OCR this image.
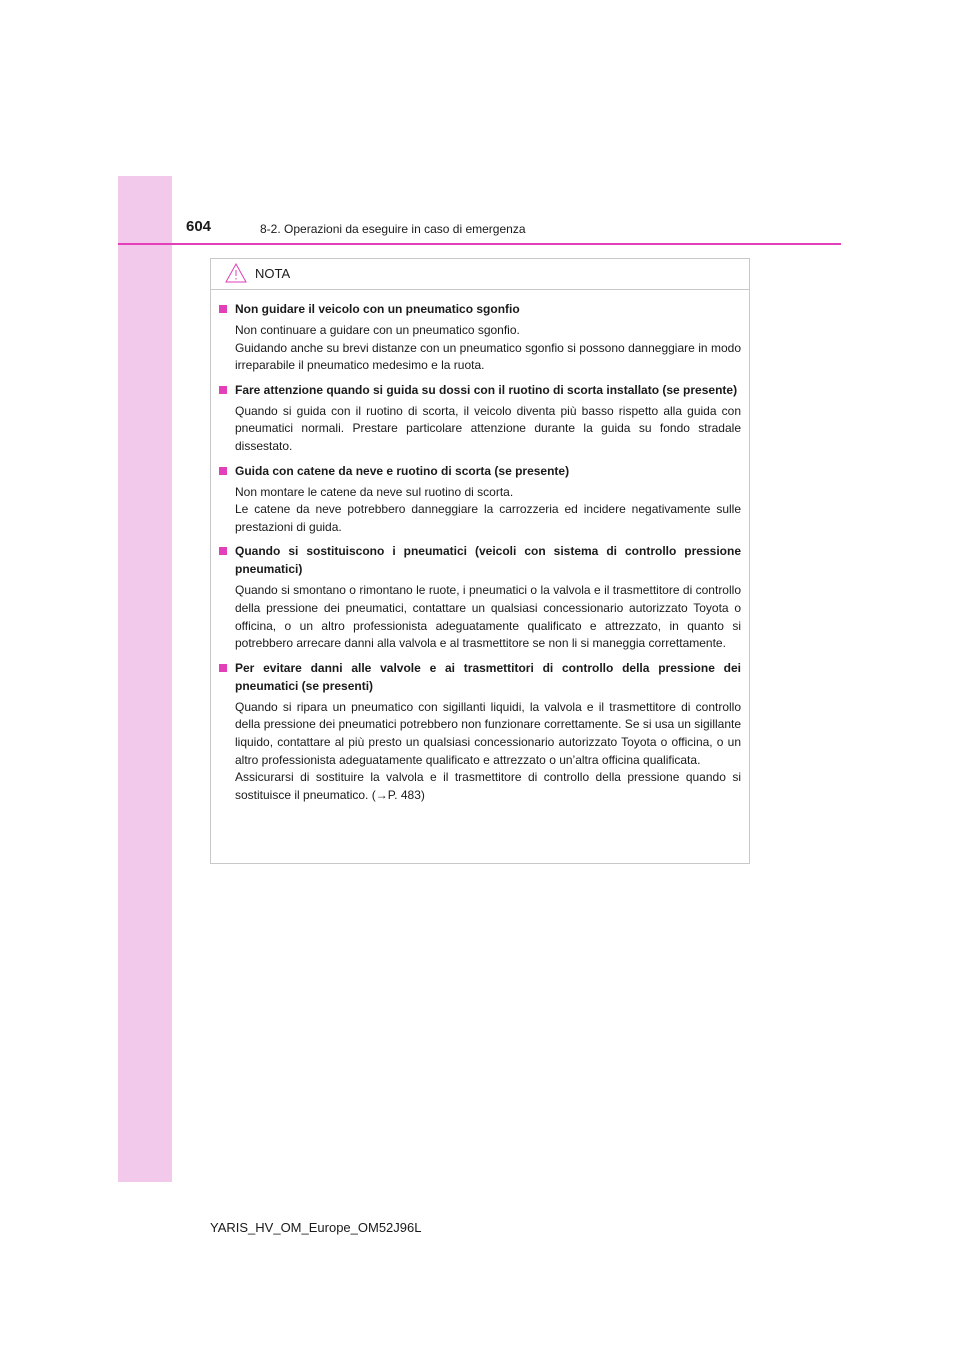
604	8-2. Operazioni da eseguire in caso di emergenza
NOTA
Non guidare il veicolo con un pneumatico sgonfio

Non continuare a guidare con un pneumatico sgonfio.

Guidando anche su brevi distanze con un pneumatico sgonfio si possono danneggiare in modo irreparabile il pneumatico medesimo e la ruota.

Fare attenzione quando si guida su dossi con il ruotino di scorta installato (se presente)

Quando si guida con il ruotino di scorta, il veicolo diventa più basso rispetto alla guida con pneumatici normali. Prestare particolare attenzione durante la guida su fondo stradale dissestato.

Guida con catene da neve e ruotino di scorta (se presente)

Non montare le catene da neve sul ruotino di scorta.

Le catene da neve potrebbero danneggiare la carrozzeria ed incidere negativamente sulle prestazioni di guida.

Quando si sostituiscono i pneumatici (veicoli con sistema di controllo pressione pneumatici)

Quando si smontano o rimontano le ruote, i pneumatici o la valvola e il trasmettitore di controllo della pressione dei pneumatici, contattare un qualsiasi concessionario autorizzato Toyota o officina, o un altro professionista adeguatamente qualificato e attrezzato, in quanto si potrebbero arrecare danni alla valvola e al trasmettitore se non li si maneggia correttamente.

Per evitare danni alle valvole e ai trasmettitori di controllo della pressione dei pneumatici (se presenti)

Quando si ripara un pneumatico con sigillanti liquidi, la valvola e il trasmettitore di controllo della pressione dei pneumatici potrebbero non funzionare correttamente. Se si usa un sigillante liquido, contattare al più presto un qualsiasi concessionario autorizzato Toyota o officina, o un altro professionista adeguatamente qualificato e attrezzato o un’altra officina qualificata.

Assicurarsi di sostituire la valvola e il trasmettitore di controllo della pressione quando si sostituisce il pneumatico. (→P. 483)

YARIS_HV_OM_Europe_OM52J96L
